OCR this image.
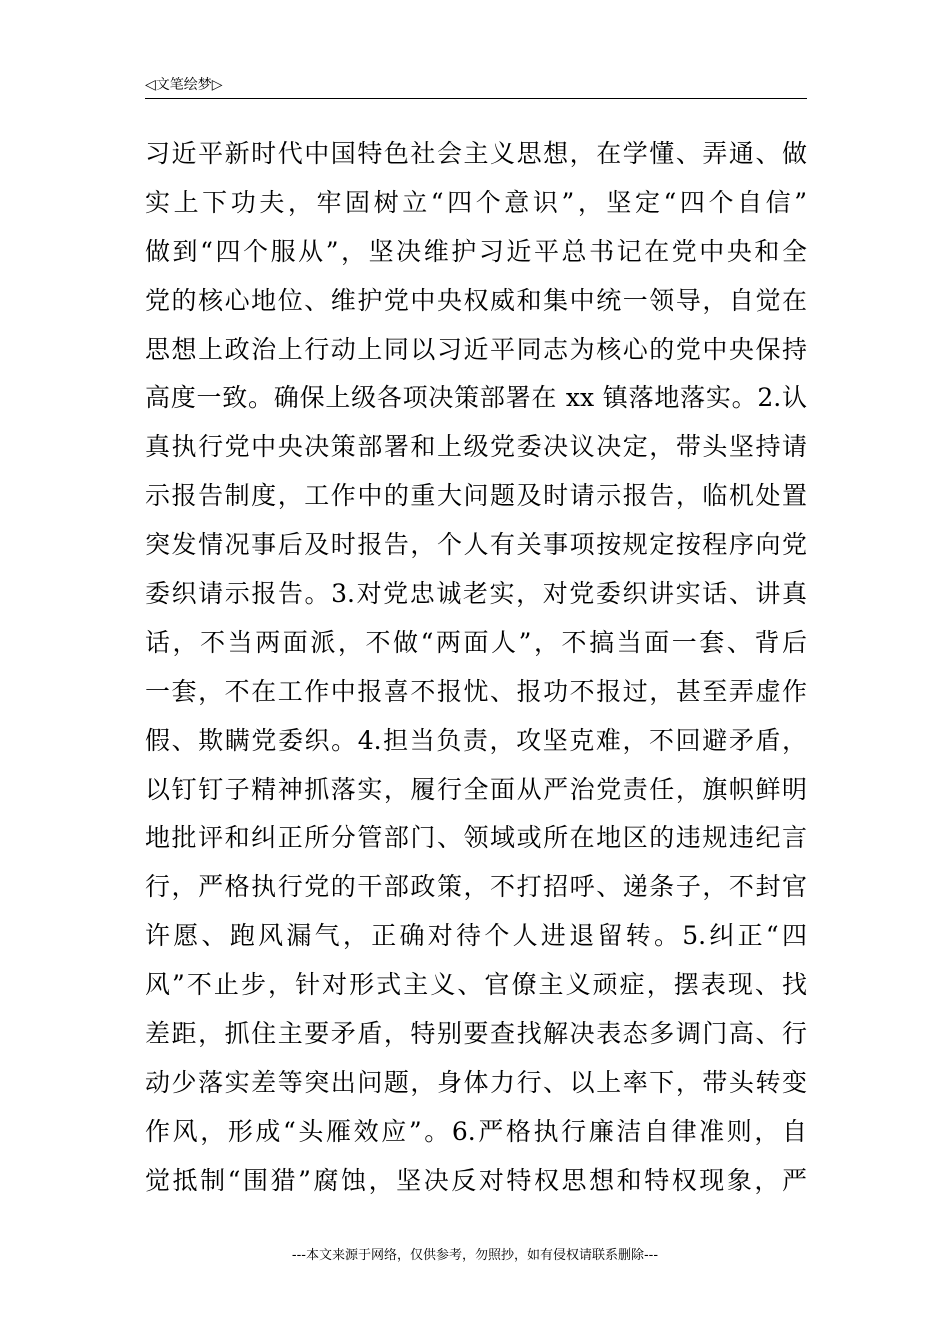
◁文笔绘梦▷
习近平新时代中国特色社会主义思想，在学懂、弄通、做
实上下功夫，牢固树立“四个意识”，坚定“四个自信”
做到“四个服从”，坚决维护习近平总书记在党中央和全
党的核心地位、维护党中央权威和集中统一领导，自觉在
思想上政治上行动上同以习近平同志为核心的党中央保持
高度一致。确保上级各项决策部署在 xx 镇落地落实。2.认
真执行党中央决策部署和上级党委决议决定，带头坚持请
示报告制度，工作中的重大问题及时请示报告，临机处置
突发情况事后及时报告，个人有关事项按规定按程序向党
委织请示报告。3.对党忠诚老实，对党委织讲实话、讲真
话，不当两面派，不做“两面人”，不搞当面一套、背后
一套，不在工作中报喜不报忧、报功不报过，甚至弄虚作
假、欺瞒党委织。4.担当负责，攻坚克难，不回避矛盾，
以钉钉子精神抓落实，履行全面从严治党责任，旗帜鲜明
地批评和纠正所分管部门、领域或所在地区的违规违纪言
行，严格执行党的干部政策，不打招呼、递条子，不封官
许愿、跑风漏气，正确对待个人进退留转。5.纠正“四
风”不止步，针对形式主义、官僚主义顽症，摆表现、找
差距，抓住主要矛盾，特别要查找解决表态多调门高、行
动少落实差等突出问题，身体力行、以上率下，带头转变
作风，形成“头雁效应”。6.严格执行廉洁自律准则，自
觉抵制“围猎”腐蚀，坚决反对特权思想和特权现象，严
---本文来源于网络，仅供参考，勿照抄，如有侵权请联系删除---
